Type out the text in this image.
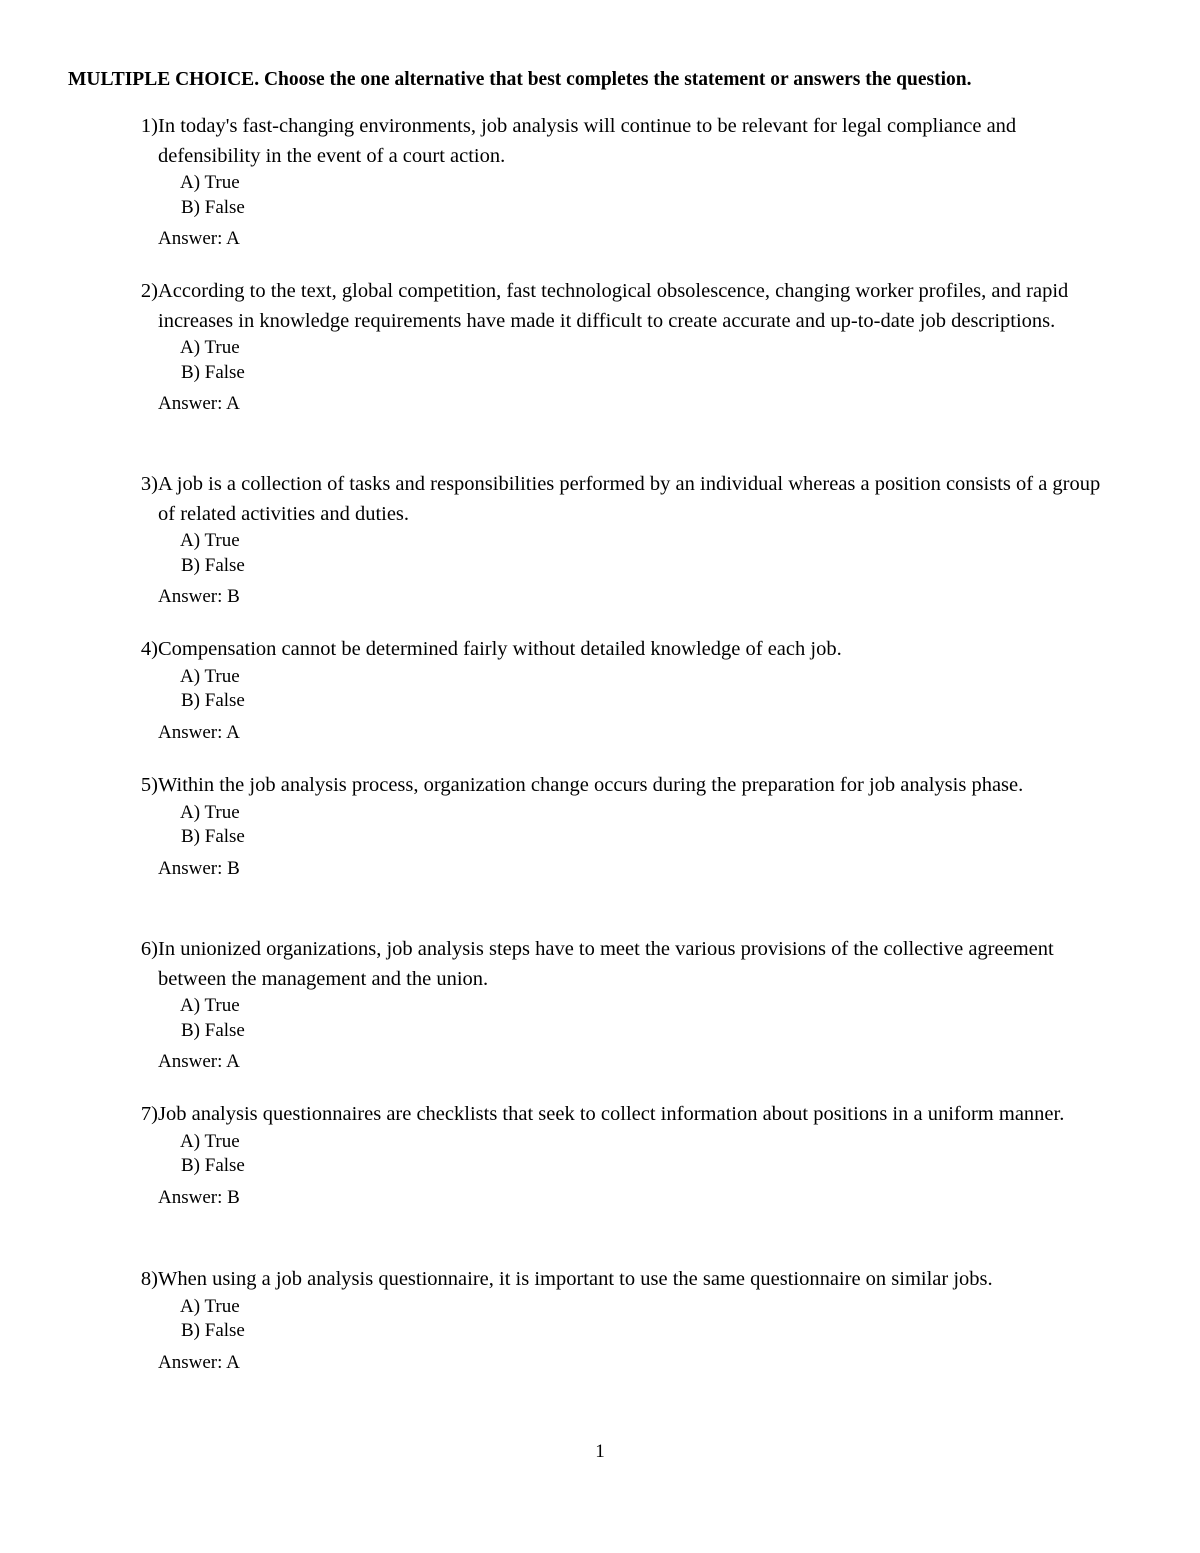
MULTIPLE CHOICE. Choose the one alternative that best completes the statement or answers the question.
1) In today's fast-changing environments, job analysis will continue to be relevant for legal compliance and defensibility in the event of a court action.
A) True
B) False
Answer: A
2) According to the text, global competition, fast technological obsolescence, changing worker profiles, and rapid increases in knowledge requirements have made it difficult to create accurate and up-to-date job descriptions.
A) True
B) False
Answer: A
3) A job is a collection of tasks and responsibilities performed by an individual whereas a position consists of a group of related activities and duties.
A) True
B) False
Answer: B
4) Compensation cannot be determined fairly without detailed knowledge of each job.
A) True
B) False
Answer: A
5) Within the job analysis process, organization change occurs during the preparation for job analysis phase.
A) True
B) False
Answer: B
6) In unionized organizations, job analysis steps have to meet the various provisions of the collective agreement between the management and the union.
A) True
B) False
Answer: A
7) Job analysis questionnaires are checklists that seek to collect information about positions in a uniform manner.
A) True
B) False
Answer: B
8) When using a job analysis questionnaire, it is important to use the same questionnaire on similar jobs.
A) True
B) False
Answer: A
1
